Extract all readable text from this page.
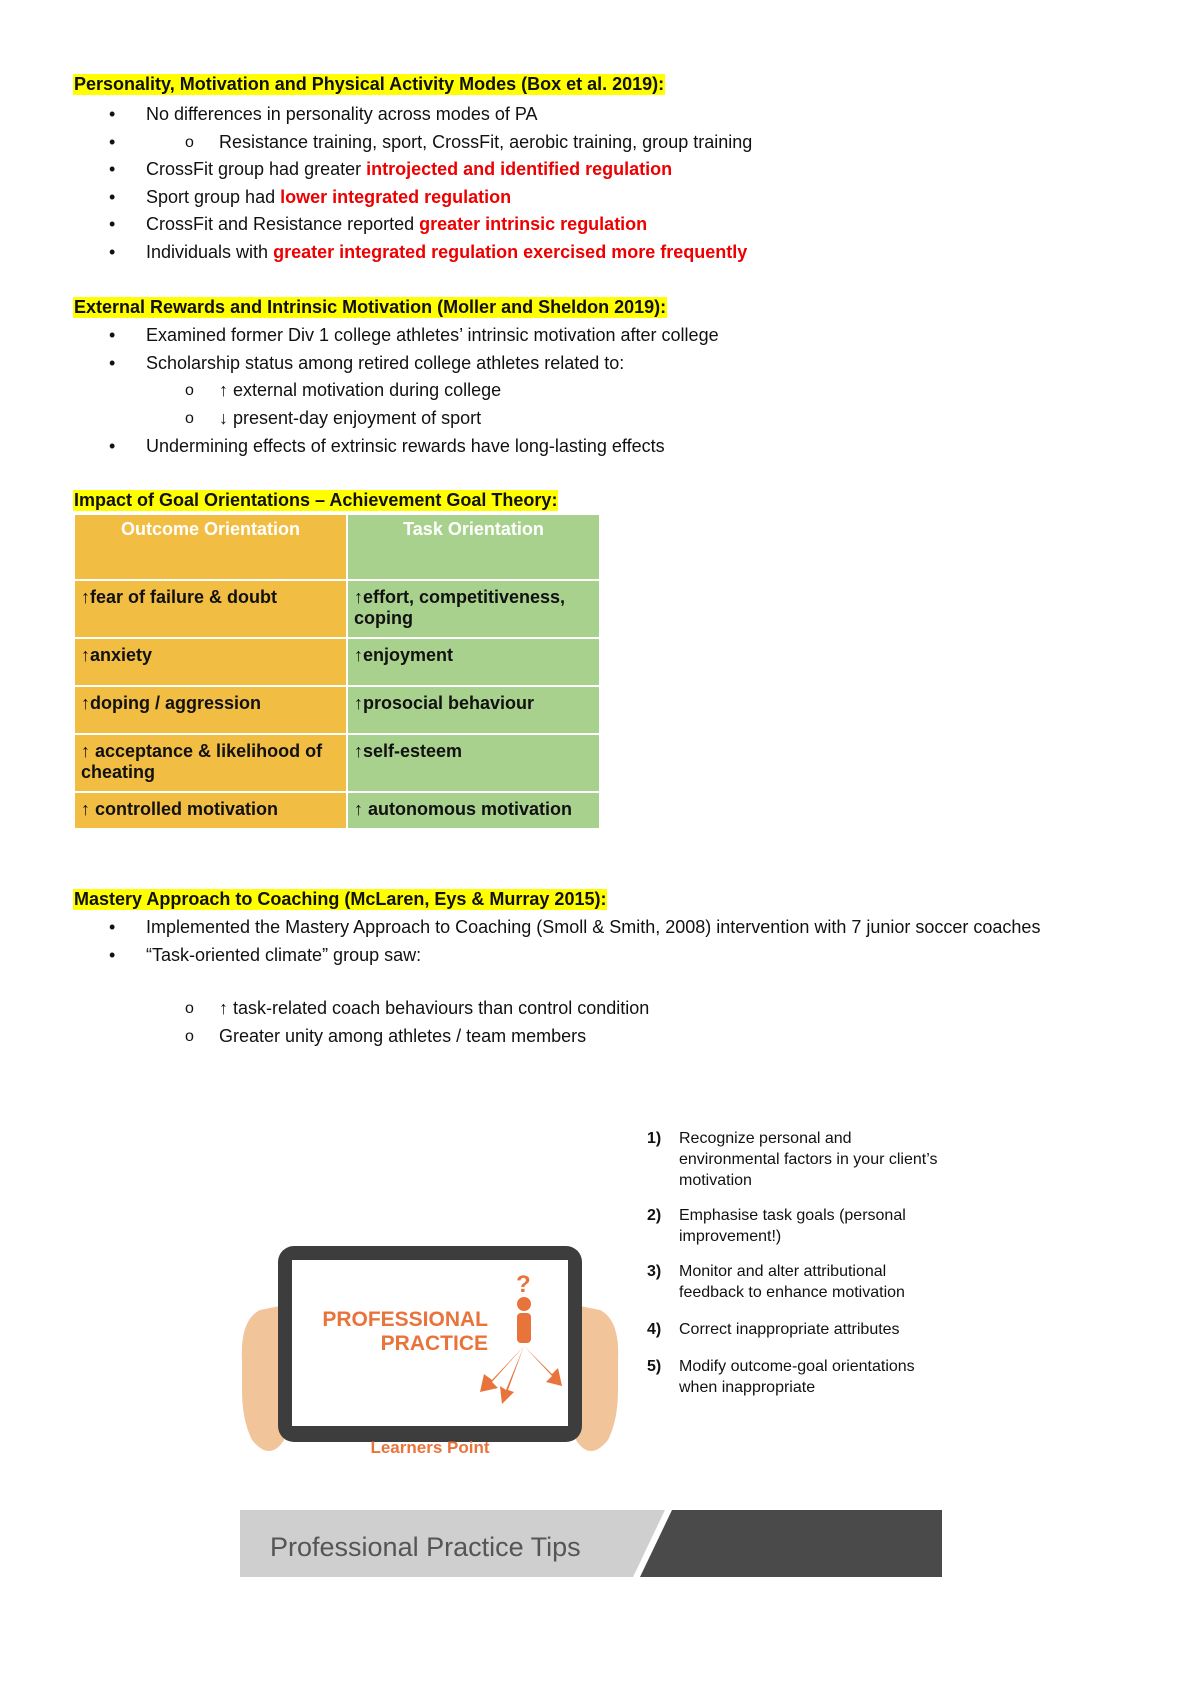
Personality, Motivation and Physical Activity Modes (Box et al. 2019):
• No differences in personality across modes of PA
o • Resistance training, sport, CrossFit, aerobic training, group training
• CrossFit group had greater introjected and identified regulation
• Sport group had lower integrated regulation
• CrossFit and Resistance reported greater intrinsic regulation
• Individuals with greater integrated regulation exercised more frequently
External Rewards and Intrinsic Motivation (Moller and Sheldon 2019):
• Examined former Div 1 college athletes’ intrinsic motivation after college
• Scholarship status among retired college athletes related to:
o ↑ external motivation during college
o ↓ present-day enjoyment of sport
• Undermining effects of extrinsic rewards have long-lasting effects
Impact of Goal Orientations – Achievement Goal Theory:
Outcome Orientation	Task Orientation
↑fear of failure & doubt	↑effort, competitiveness, coping
↑anxiety	↑enjoyment
↑doping / aggression	↑prosocial behaviour
↑ acceptance & likelihood of cheating	↑self-esteem
↑ controlled motivation	↑ autonomous motivation
Mastery Approach to Coaching (McLaren, Eys & Murray 2015):
• Implemented the Mastery Approach to Coaching (Smoll & Smith, 2008) intervention with 7 junior soccer coaches
• “Task-oriented climate” group saw:
o ↑ task-related coach behaviours than control condition
o Greater unity among athletes / team members
?
PROFESSIONAL
PRACTICE
Learners Point
1) Recognize personal and environmental factors in your client’s motivation
2) Emphasise task goals (personal improvement!)
3) Monitor and alter attributional feedback to enhance motivation
4) Correct inappropriate attributes
5) Modify outcome-goal orientations when inappropriate
Professional Practice Tips
